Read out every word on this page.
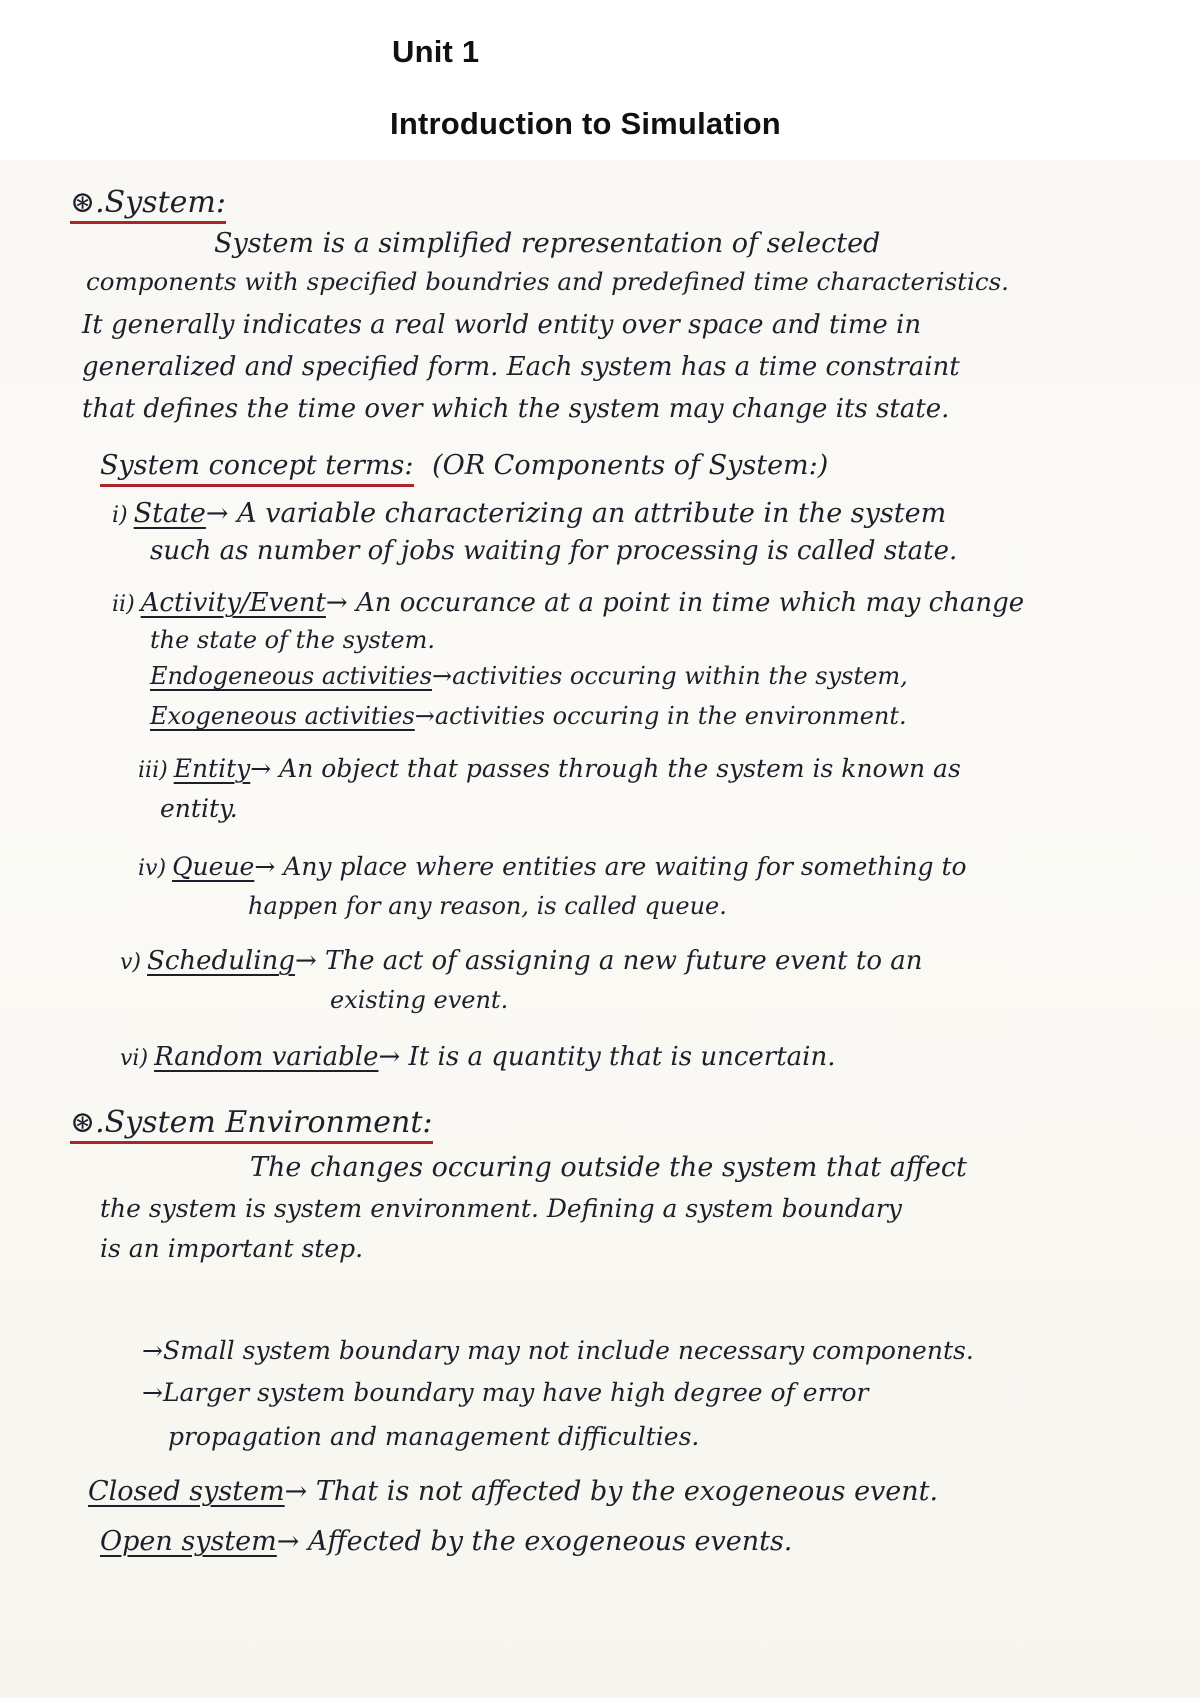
Unit 1
Introduction to Simulation
⊛.System:
System is a simplified representation of selected
components with specified boundries and predefined time characteristics.
It generally indicates a real world entity over space and time in
generalized and specified form. Each system has a time constraint
that defines the time over which the system may change its state.
System concept terms: (OR Components of System:)
i) State→ A variable characterizing an attribute in the system
such as number of jobs waiting for processing is called state.
ii) Activity/Event→ An occurance at a point in time which may change
the state of the system.
Endogeneous activities→activities occuring within the system,
Exogeneous activities→activities occuring in the environment.
iii) Entity→ An object that passes through the system is known as
entity.
iv) Queue→ Any place where entities are waiting for something to
happen for any reason, is called queue.
v) Scheduling→ The act of assigning a new future event to an
existing event.
vi) Random variable→ It is a quantity that is uncertain.
⊛.System Environment:
The changes occuring outside the system that affect
the system is system environment. Defining a system boundary
is an important step.
→Small system boundary may not include necessary components.
→Larger system boundary may have high degree of error
propagation and management difficulties.
Closed system→ That is not affected by the exogeneous event.
Open system→ Affected by the exogeneous events.
